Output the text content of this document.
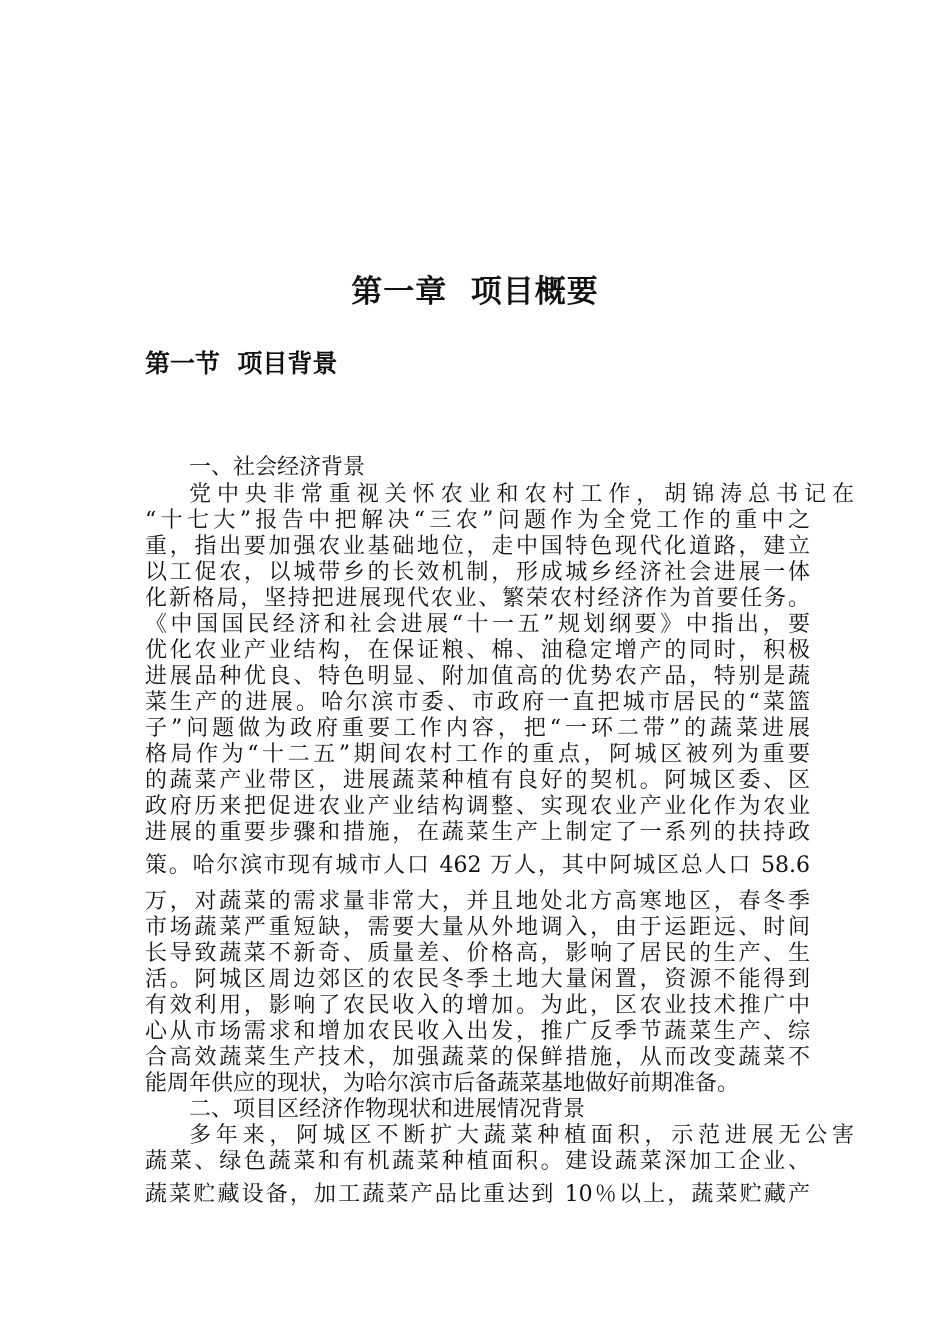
第一章  项目概要
第一节  项目背景
一、社会经济背景
党中央非常重视关怀农业和农村工作，胡锦涛总书记在
“十七大”报告中把解决“三农”问题作为全党工作的重中之
重，指出要加强农业基础地位，走中国特色现代化道路，建立
以工促农，以城带乡的长效机制，形成城乡经济社会进展一体
化新格局，坚持把进展现代农业、繁荣农村经济作为首要任务。
《中国国民经济和社会进展“十一五”规划纲要》中指出，要
优化农业产业结构，在保证粮、棉、油稳定增产的同时，积极
进展品种优良、特色明显、附加值高的优势农产品，特别是蔬
菜生产的进展。哈尔滨市委、市政府一直把城市居民的“菜篮
子”问题做为政府重要工作内容，把“一环二带”的蔬菜进展
格局作为“十二五”期间农村工作的重点，阿城区被列为重要
的蔬菜产业带区，进展蔬菜种植有良好的契机。阿城区委、区
政府历来把促进农业产业结构调整、实现农业产业化作为农业
进展的重要步骤和措施，在蔬菜生产上制定了一系列的扶持政
策。哈尔滨市现有城市人口 462 万人，其中阿城区总人口 58.6
万，对蔬菜的需求量非常大，并且地处北方高寒地区，春冬季
市场蔬菜严重短缺，需要大量从外地调入，由于运距远、时间
长导致蔬菜不新奇、质量差、价格高，影响了居民的生产、生
活。阿城区周边郊区的农民冬季土地大量闲置，资源不能得到
有效利用，影响了农民收入的增加。为此，区农业技术推广中
心从市场需求和增加农民收入出发，推广反季节蔬菜生产、综
合高效蔬菜生产技术，加强蔬菜的保鲜措施，从而改变蔬菜不
能周年供应的现状，为哈尔滨市后备蔬菜基地做好前期准备。
二、项目区经济作物现状和进展情况背景
多年来，阿城区不断扩大蔬菜种植面积，示范进展无公害
蔬菜、绿色蔬菜和有机蔬菜种植面积。建设蔬菜深加工企业、
蔬菜贮藏设备，加工蔬菜产品比重达到 10％以上，蔬菜贮藏产
